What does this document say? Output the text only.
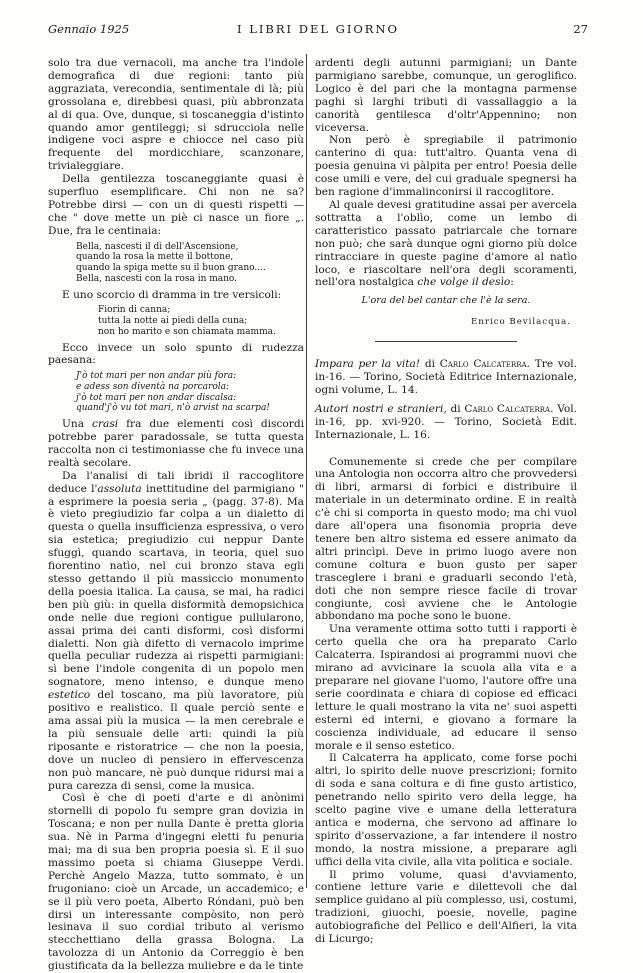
Gennaio 1925	I LIBRI DEL GIORNO	27

solo tra due vernacoli, ma anche tra l'indole demografica di due regioni: tanto più aggraziata, verecondia, sentimentale di là; più grossolana e, direbbesi quasi, più abbronzata al di qua. Ove, dunque, si toscaneggia d'istinto quando amor gentileggi; si sdrucciola nelle indigene voci aspre e chiocce nel caso più frequente del mordicchiare, scanzonare, trivialeggiare.

Della gentilezza toscaneggiante quasi è superfluo esemplificare. Chi non ne sa? Potrebbe dirsi — con un di questi rispetti — che " dove mette un piè ci nasce un fiore „. Due, fra le centinaia:

Bella, nascesti il dì dell'Ascensione,
quando la rosa la mette il bottone,
quando la spiga mette su il buon grano....
Bella, nascesti con la rosa in mano.

E uno scorcio di dramma in tre versicoli:

Fiorin di canna;
tutta la notte ai piedi della cuna;
non ho marito e son chiamata mamma.

Ecco invece un solo spunto di rudezza paesana:

J'ò tot mari per non andar più fora:
e adess son diventà na porcarola:
j'ò tot mari per non andar discalsa:
quand'j'ò vu tot mari, n'ò arvist na scarpa!

Una crasi fra due elementi così discordi potrebbe parer paradossale, se tutta questa raccolta non ci testimoniasse che fu invece una realtà secolare.

Da l'analisi di tali ibridi il raccoglitore deduce l'assoluta inettitudine del parmigiano " a esprimere la poesia seria „ (pagg. 37-8). Ma è vieto pregiudizio far colpa a un dialetto di questa o quella insufficienza espressiva, o vero sia estetica; pregiudizio cui neppur Dante sfuggì, quando scartava, in teoria, quel suo fiorentino natìo, nel cui bronzo stava egli stesso gettando il più massiccio monumento della poesia italica. La causa, se mai, ha radici ben più giù: in quella disformità demopsichica onde nelle due regioni contigue pullularono, assai prima dei canti disformi, così disformi dialetti. Non già difetto di vernacolo imprime quella peculiar rudezza ai rispetti parmigiani: sì bene l'indole congenita di un popolo men sognatore, meno intenso, e dunque meno estetico del toscano, ma più lavoratore, più positivo e realistico. Il quale perciò sente e ama assai più la musica — la men cerebrale e la più sensuale delle arti: quindi la più riposante e ristoratrice — che non la poesia, dove un nucleo di pensiero in effervescenza non può mancare, nè può dunque ridursi mai a pura carezza di sensi, come la musica.

Così è che di poeti d'arte e di anònimi stornelli di popolo fu sempre gran dovizia in Toscana; e non per nulla Dante è pretta gloria sua. Nè in Parma d'ingegni eletti fu penuria mai; ma di sua ben propria poesia sì. E il suo massimo poeta si chiama Giuseppe Verdi. Perchè Angelo Mazza, tutto sommato, è un frugoniano: cioè un Arcade, un accademico; e se il più vero poeta, Alberto Róndani, può ben dirsi un interessante compòsito, non però lesinava il suo cordial tributo al verismo stecchettiano della grassa Bologna. La tavolozza di un Antonio da Correggio è ben giustificata da la bellezza muliebre e da le tinte

ardenti degli autunni parmigiani; un Dante parmigiano sarebbe, comunque, un geroglifico. Logico è del pari che la montagna parmense paghi sì larghi tributi di vassallaggio a la canorità gentilesca d'oltr'Appennino; non viceversa.

Non però è spregiabile il patrimonio canterino di qua: tutt'altro. Quanta vena di poesia genuina vi pàlpita per entro! Poesia delle cose umili e vere, del cui graduale spegnersi ha ben ragione d'immalinconirsi il raccoglitore.

Al quale devesi gratitudine assai per avercela sottratta a l'oblìo, come un lembo di caratteristico passato patriarcale che tornare non può; che sarà dunque ogni giorno più dolce rintracciare in queste pagine d'amore al natìo loco, e riascoltare nell'ora degli scoramenti, nell'ora nostalgica che volge il desìo:

L'ora del bel cantar che l'è la sera.
Enrico Bevilacqua.

Impara per la vita! di Carlo Calcaterra. Tre vol. in-16. — Torino, Società Editrice Internazionale, ogni volume, L. 14.

Autori nostri e stranieri, di Carlo Calcaterra. Vol. in-16, pp. xvi-920. — Torino, Società Edit. Internazionale, L. 16.

Comunemente si crede che per compilare una Antologia non occorra altro che provvedersi di libri, armarsi di forbici e distribuire il materiale in un determinato ordine. E in realtà c'è chi si comporta in questo modo; ma chi vuol dare all'opera una fisonomia propria deve tenere ben altro sistema ed essere animato da altri princìpi. Deve in primo luogo avere non comune coltura e buon gusto per saper trasceglere i brani e graduarli secondo l'età, doti che non sempre riesce facile di trovar congiunte, così avviene che le Antologie abbondano ma poche sono le buone.

Una veramente ottima sotto tutti i rapporti è certo quella che ora ha preparato Carlo Calcaterra. Ispirandosi ai programmi nuovi che mirano ad avvicinare la scuola alla vita e a preparare nel giovane l'uomo, l'autore offre una serie coordinata e chiara di copiose ed efficaci letture le quali mostrano la vita ne' suoi aspetti esterni ed interni, e giovano a formare la coscienza individuale, ad educare il senso morale e il senso estetico.

Il Calcaterra ha applicato, come forse pochi altri, lo spirito delle nuove prescrizioni; fornito di soda e sana coltura e di fine gusto artistico, penetrando nello spirito vero della legge, ha scelto pagine vive e umane della letteratura antica e moderna, che servono ad affinare lo spirito d'osservazione, a far intendere il nostro mondo, la nostra missione, a preparare agli uffici della vita civile, alla vita politica e sociale.

Il primo volume, quasi d'avviamento, contiene letture varie e dilettevoli che dal semplice guidano al più complesso, usi, costumi, tradizioni, giuochi, poesie, novelle, pagine autobiografiche del Pellico e dell'Alfieri, la vita di Licurgo;
